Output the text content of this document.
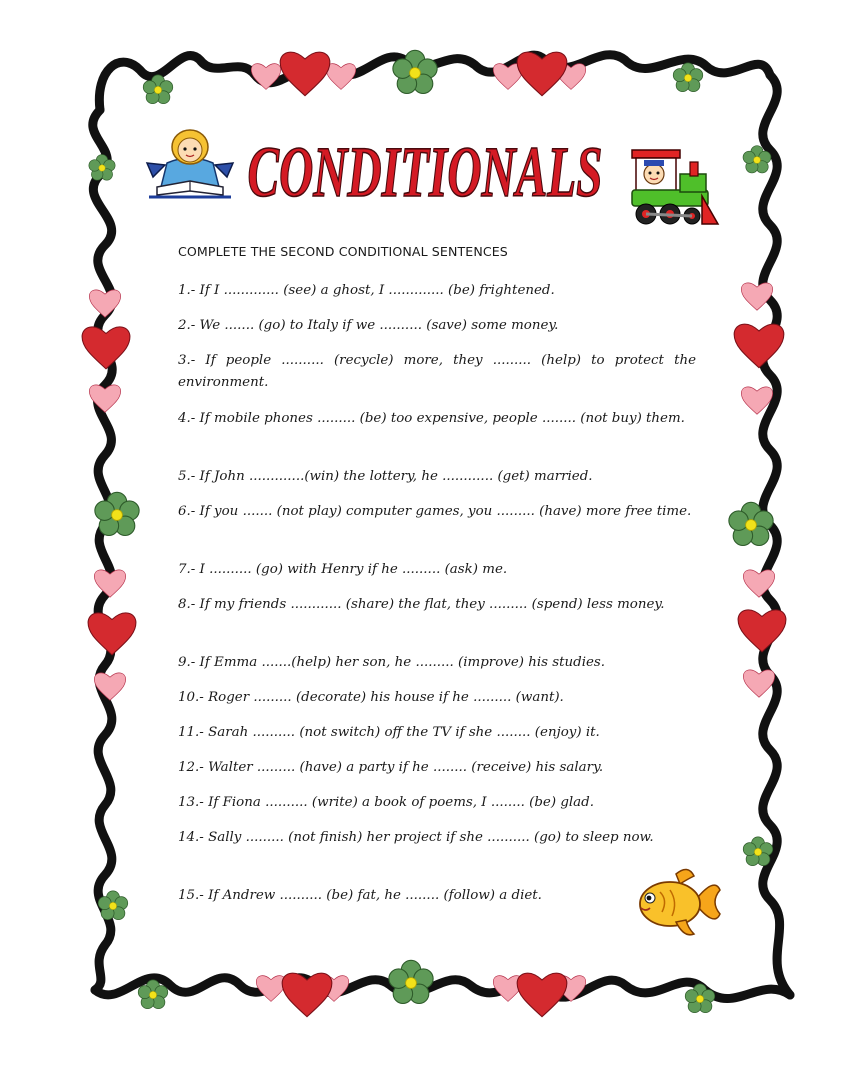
CONDITIONALS

COMPLETE THE SECOND CONDITIONAL SENTENCES

1.- If I ............. (see) a ghost, I ............. (be) frightened.

2.- We ....... (go) to Italy if we .......... (save) some money.

3.- If people .......... (recycle) more, they ......... (help) to protect the environment.

4.- If mobile phones ......... (be) too expensive, people ........ (not buy) them.

5.- If John .............(win) the lottery, he ............ (get) married.

6.- If you ....... (not play) computer games, you ......... (have) more free time.

7.- I .......... (go) with Henry if he ......... (ask) me.

8.- If my friends ............ (share) the flat, they ......... (spend) less money.

9.- If Emma .......(help) her son, he ......... (improve) his studies.

10.- Roger ......... (decorate) his house if he ......... (want).

11.- Sarah .......... (not switch) off the TV if she ........ (enjoy) it.

12.- Walter ......... (have) a party if he ........ (receive) his salary.

13.- If Fiona .......... (write) a book of poems, I ........ (be) glad.

14.- Sally ......... (not finish) her project if she .......... (go) to sleep now.

15.- If Andrew .......... (be) fat, he ........ (follow) a diet.
